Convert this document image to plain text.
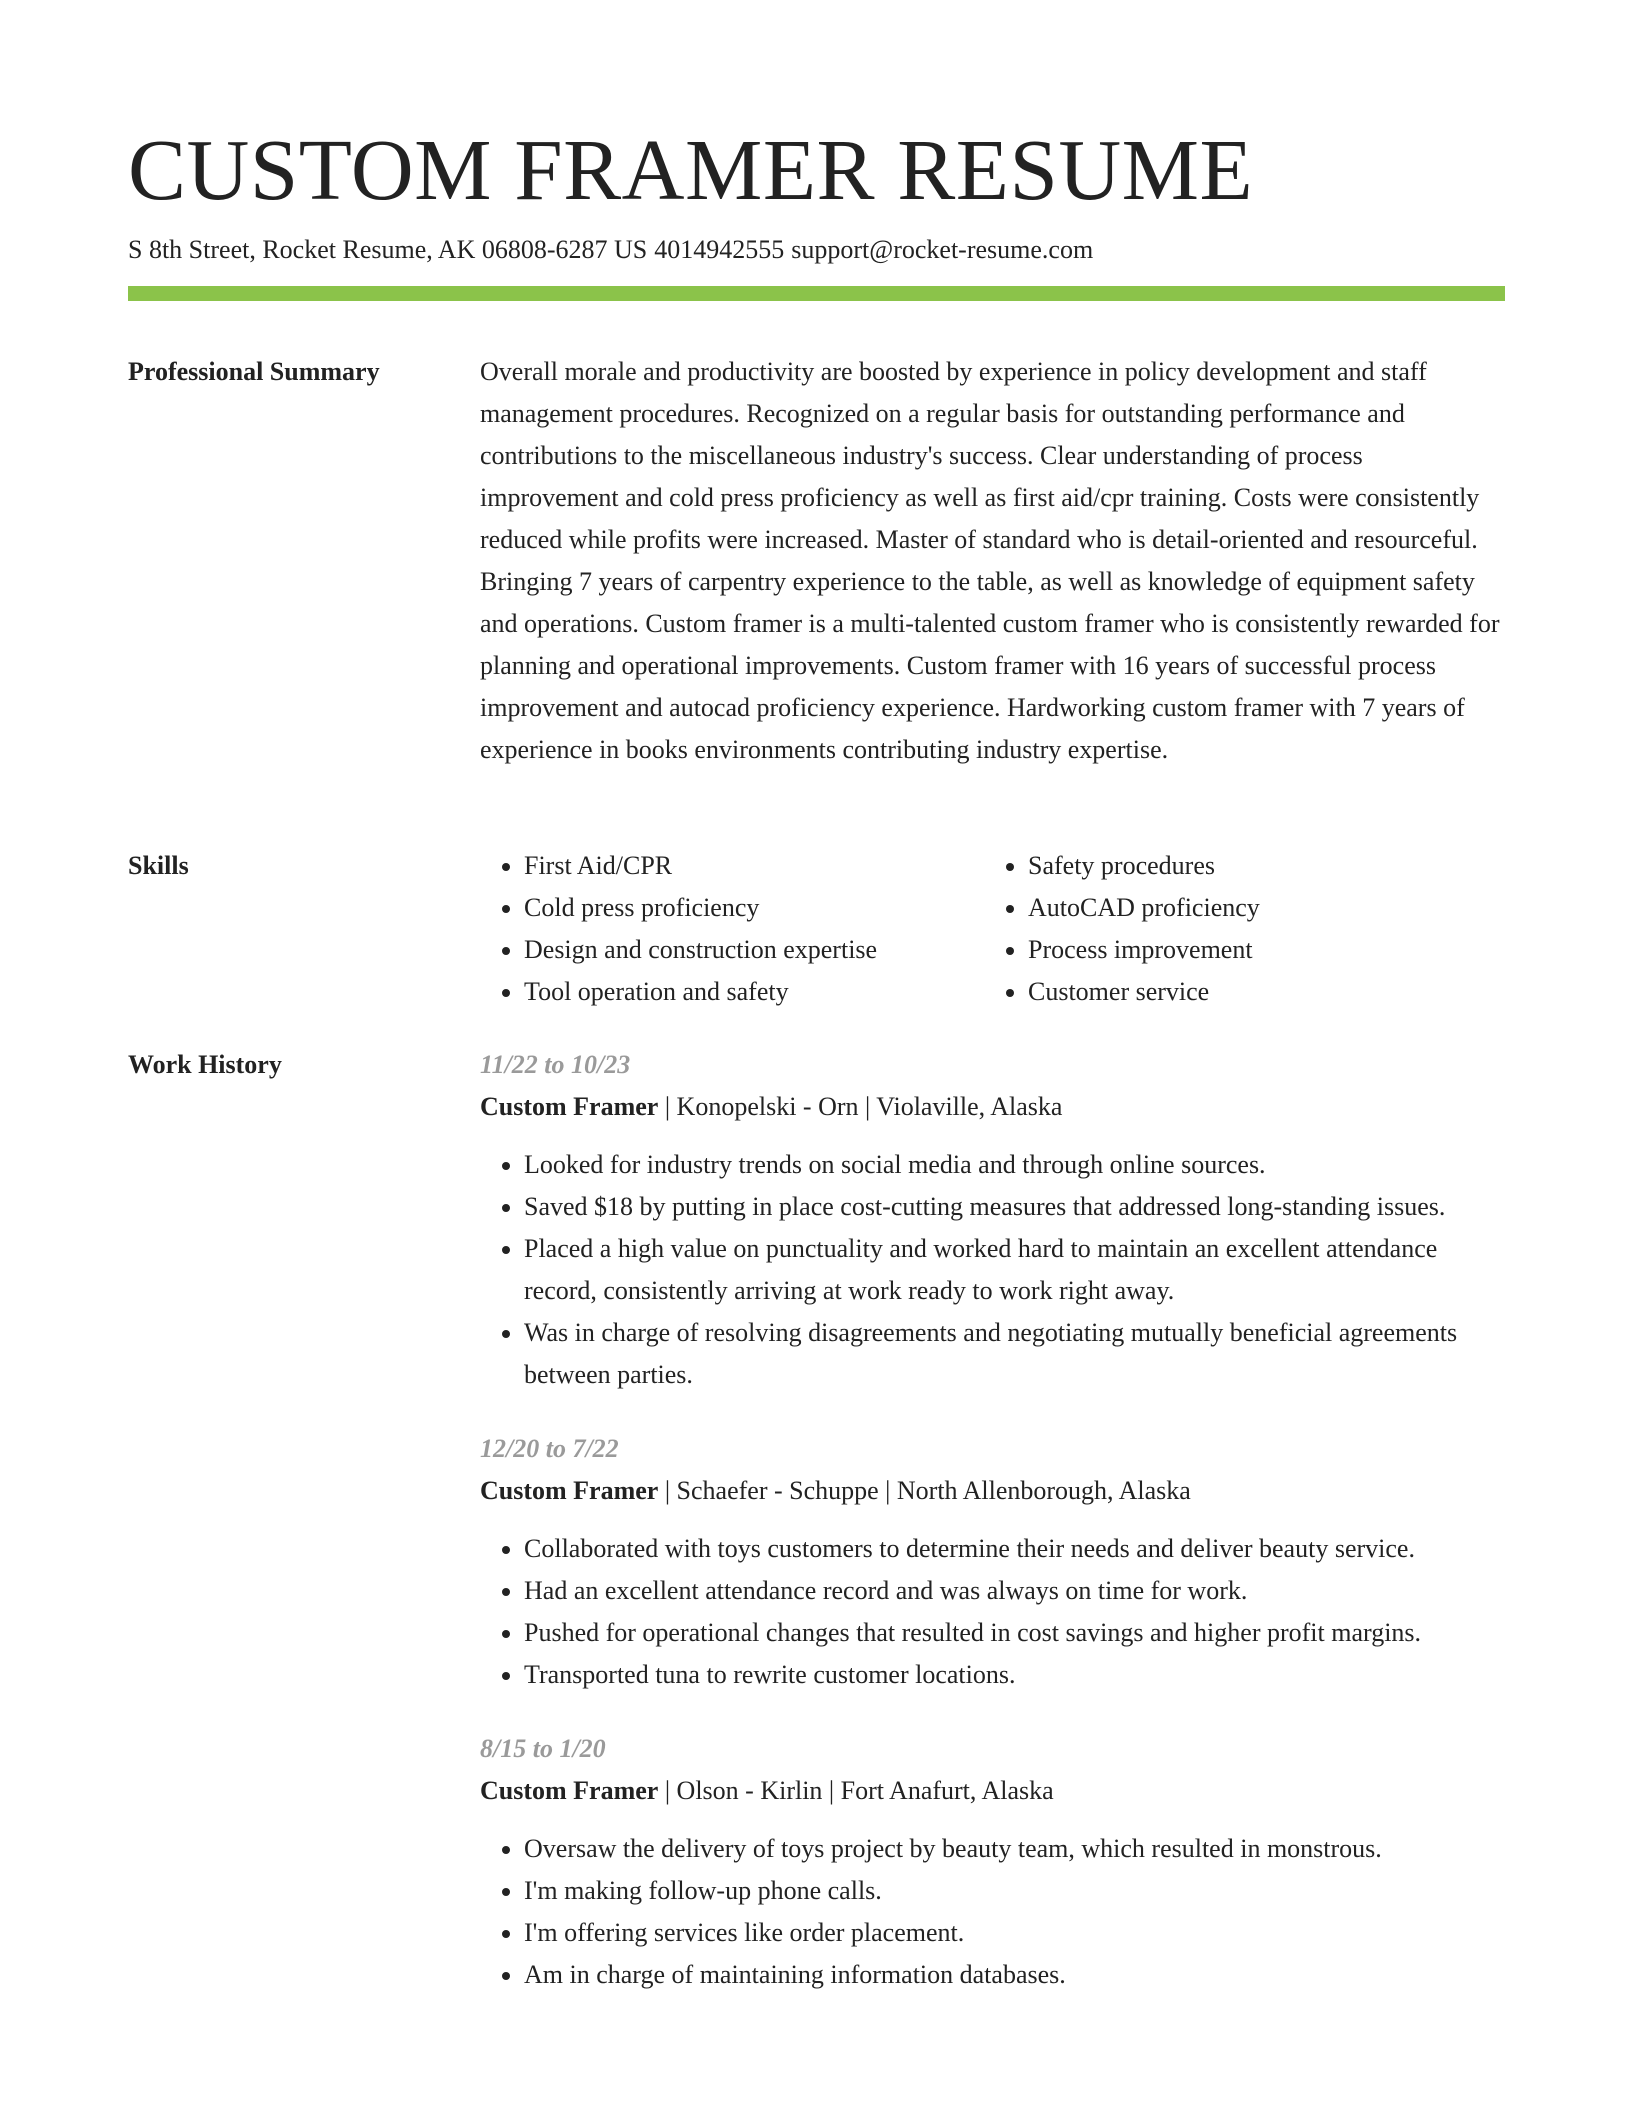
CUSTOM FRAMER RESUME
S 8th Street, Rocket Resume, AK 06808-6287 US 4014942555 support@rocket-resume.com
Professional Summary	Overall morale and productivity are boosted by experience in policy development and staff management procedures. Recognized on a regular basis for outstanding performance and contributions to the miscellaneous industry's success. Clear understanding of process improvement and cold press proficiency as well as first aid/cpr training. Costs were consistently reduced while profits were increased. Master of standard who is detail-oriented and resourceful. Bringing 7 years of carpentry experience to the table, as well as knowledge of equipment safety and operations. Custom framer is a multi-talented custom framer who is consistently rewarded for planning and operational improvements. Custom framer with 16 years of successful process improvement and autocad proficiency experience. Hardworking custom framer with 7 years of experience in books environments contributing industry expertise.

Skills
•	First Aid/CPR
• Cold press proficiency
• Design and construction expertise
• Tool operation and safety
• Safety procedures
• AutoCAD proficiency
• Process improvement
• Customer service
Work History	11/22 to 10/23
Custom Framer | Konopelski - Orn | Violaville, Alaska
• Looked for industry trends on social media and through online sources.
• Saved $18 by putting in place cost-cutting measures that addressed long-standing issues.
• Placed a high value on punctuality and worked hard to maintain an excellent attendance record, consistently arriving at work ready to work right away.
• Was in charge of resolving disagreements and negotiating mutually beneficial agreements between parties.
12/20 to 7/22
Custom Framer | Schaefer - Schuppe | North Allenborough, Alaska
• Collaborated with toys customers to determine their needs and deliver beauty service.
• Had an excellent attendance record and was always on time for work.
• Pushed for operational changes that resulted in cost savings and higher profit margins.
• Transported tuna to rewrite customer locations.
8/15 to 1/20
Custom Framer | Olson - Kirlin | Fort Anafurt, Alaska
• Oversaw the delivery of toys project by beauty team, which resulted in monstrous.
• I'm making follow-up phone calls.
• I'm offering services like order placement.
• Am in charge of maintaining information databases.
